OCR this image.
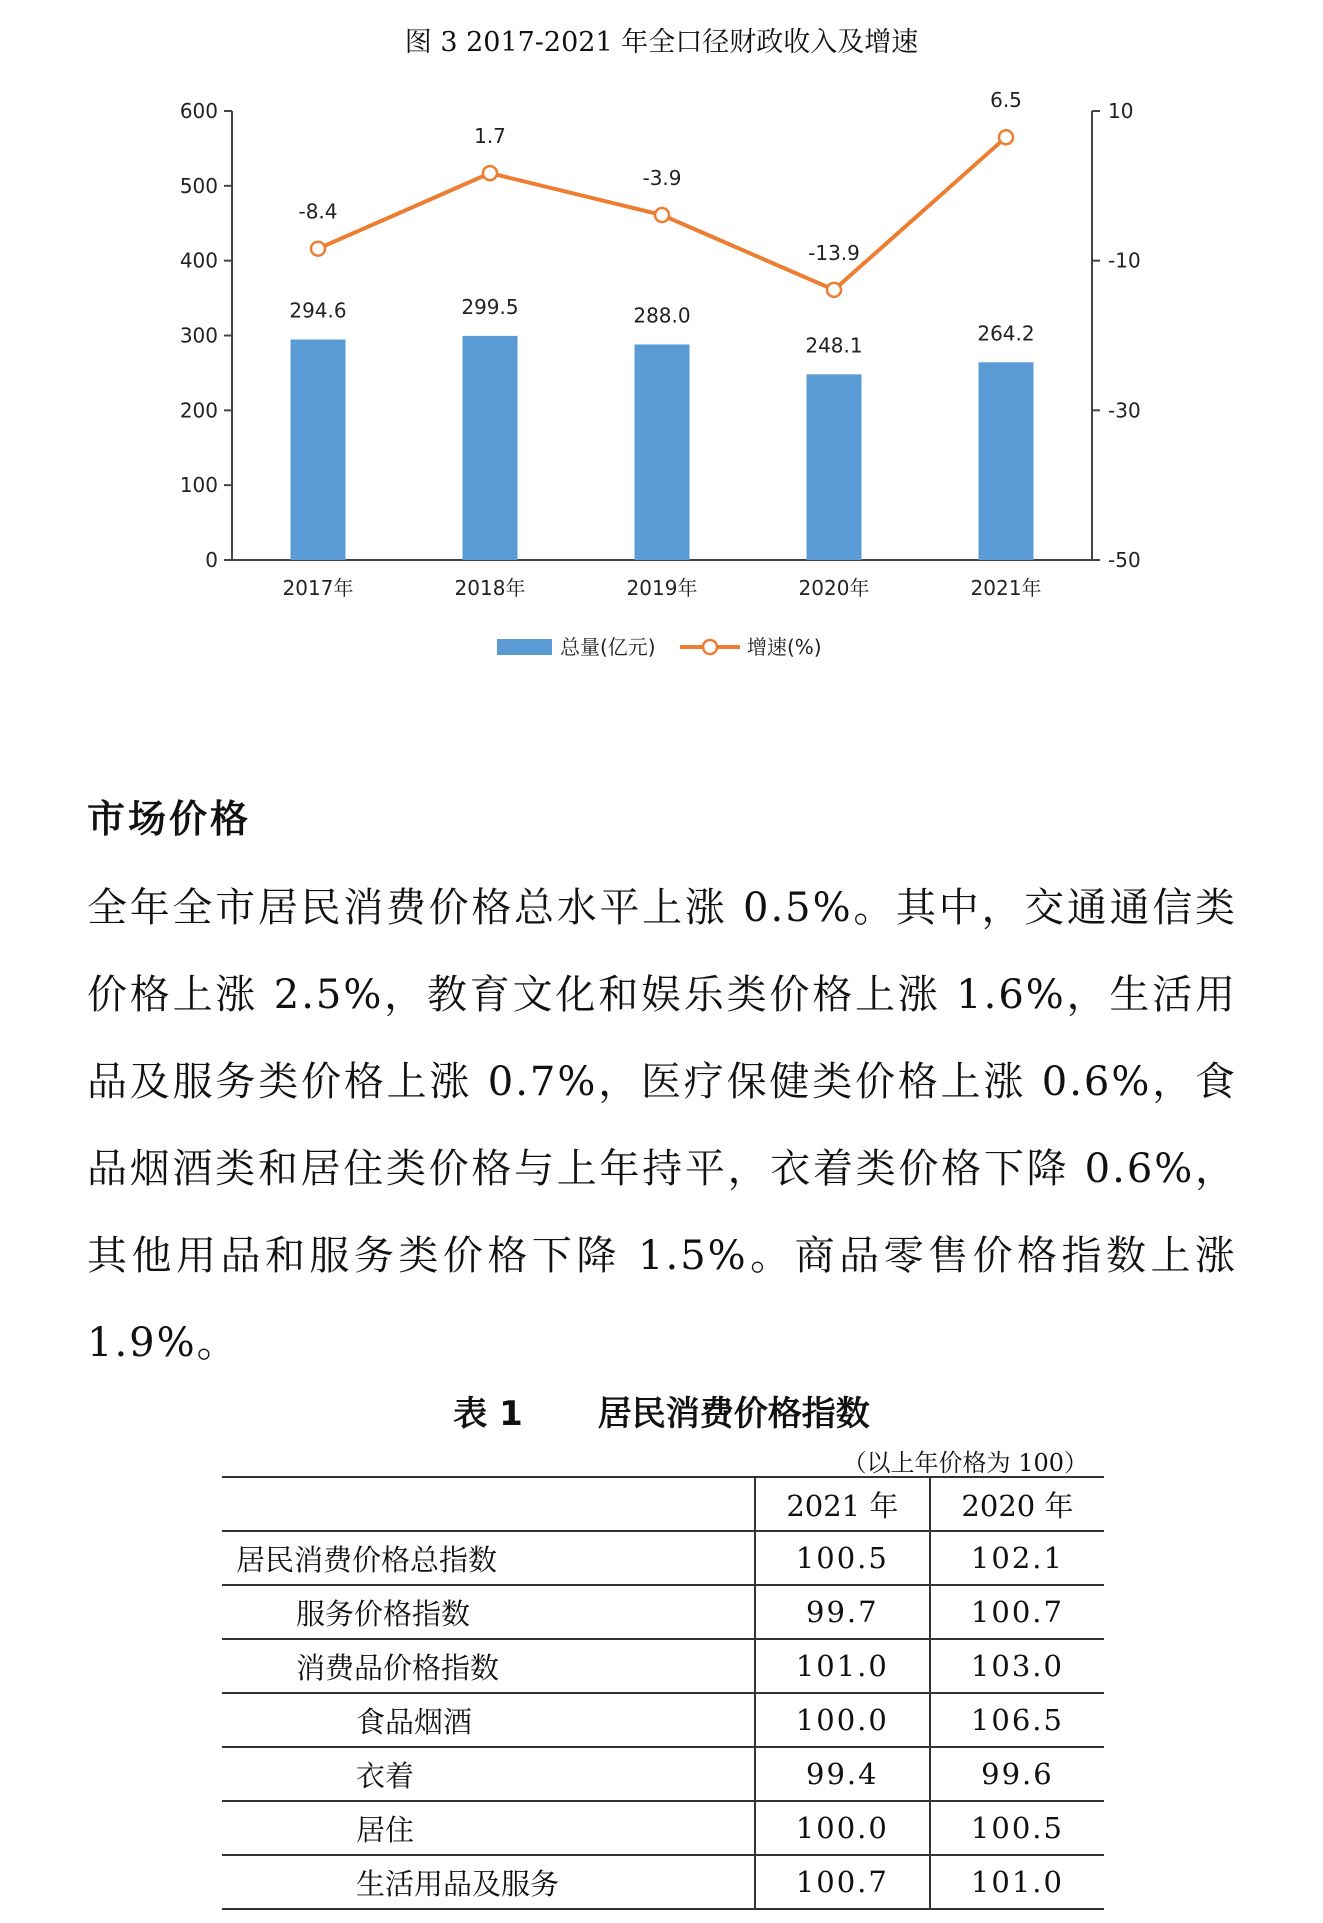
图 3 2017-2021 年全口径财政收入及增速
0
100
200
300
400
500
600
-50
-30
-10
10
2017年	2018年	2019年	2020年	2021年
294.6	299.5	288.0
248.1
264.2
-8.4
1.7
-3.9
-13.9
6.5
总量(亿元)	增速(%)
市场价格

全年全市居民消费价格总水平上涨 0.5%。其中，交通通信类价格上涨 2.5%，教育文化和娱乐类价格上涨 1.6%，生活用品及服务类价格上涨 0.7%，医疗保健类价格上涨 0.6%，食品烟酒类和居住类价格与上年持平，衣着类价格下降 0.6%，其他用品和服务类价格下降 1.5%。商品零售价格指数上涨 1.9%。

表 1 居民消费价格指数
（以上年价格为 100）
	2021 年	2020 年
居民消费价格总指数	100.5	102.1
服务价格指数	99.7	100.7
消费品价格指数	101.0	103.0
食品烟酒	100.0	106.5
衣着	99.4	99.6
居住	100.0	100.5
生活用品及服务	100.7	101.0
